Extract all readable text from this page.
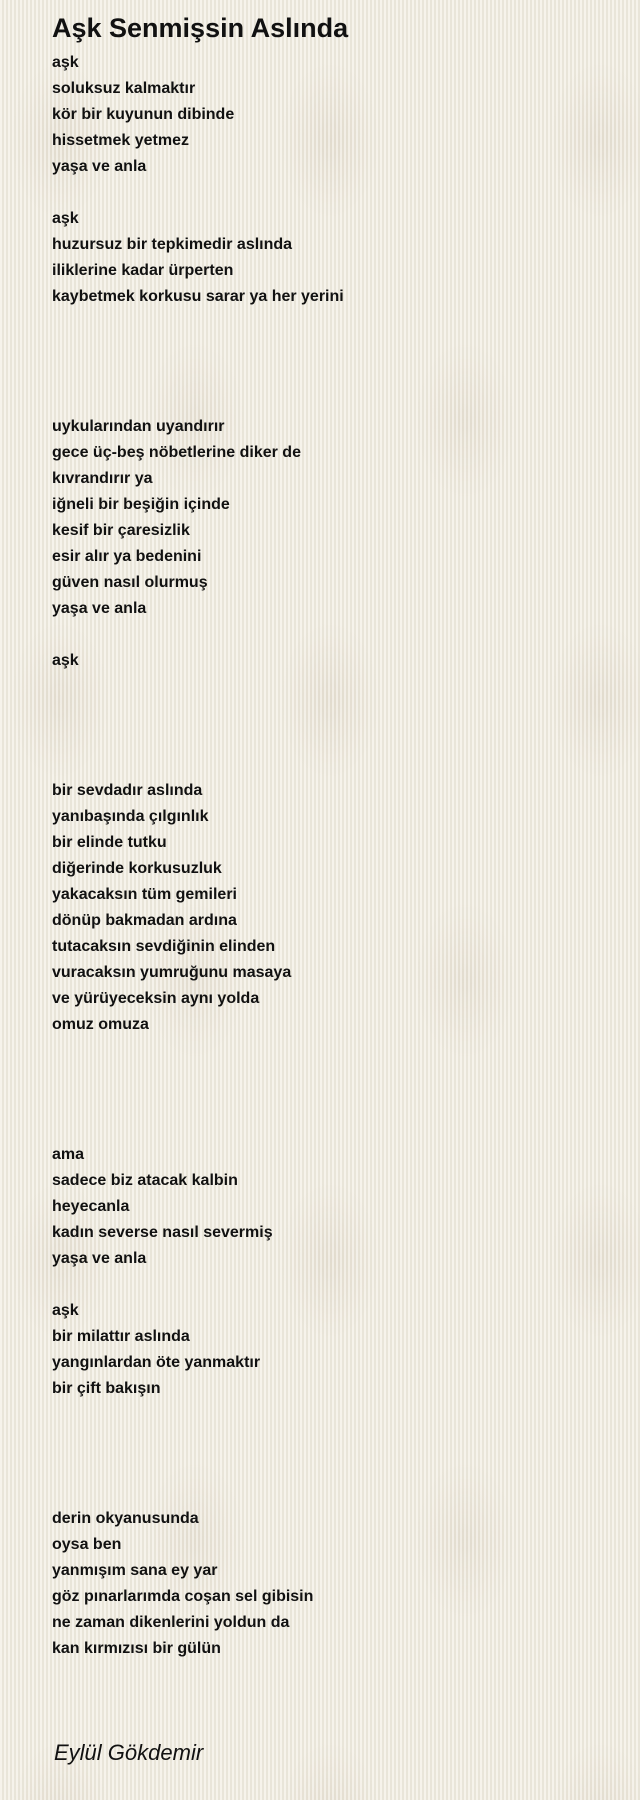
Aşk Senmişsin Aslında
aşk
soluksuz kalmaktır
kör bir kuyunun dibinde
hissetmek yetmez
yaşa ve anla
aşk
huzursuz bir tepkimedir aslında
iliklerine kadar ürperten
kaybetmek korkusu sarar ya her yerini
uykularından uyandırır
gece üç-beş nöbetlerine diker de
kıvrandırır ya
iğneli bir beşiğin içinde
kesif bir çaresizlik
esir alır ya bedenini
güven nasıl olurmuş
yaşa ve anla
aşk
bir sevdadır aslında
yanıbaşında çılgınlık
bir elinde tutku
diğerinde korkusuzluk
yakacaksın tüm gemileri
dönüp bakmadan ardına
tutacaksın sevdiğinin elinden
vuracaksın yumruğunu masaya
ve yürüyeceksin aynı yolda
omuz omuza
ama
sadece biz atacak kalbin
heyecanla
kadın severse nasıl severmiş
yaşa ve anla
aşk
bir milattır aslında
yangınlardan öte yanmaktır
bir çift bakışın
derin okyanusunda
oysa ben
yanmışım sana ey yar
göz pınarlarımda coşan sel gibisin
ne zaman dikenlerini yoldun da
kan kırmızısı bir gülün
Eylül Gökdemir
